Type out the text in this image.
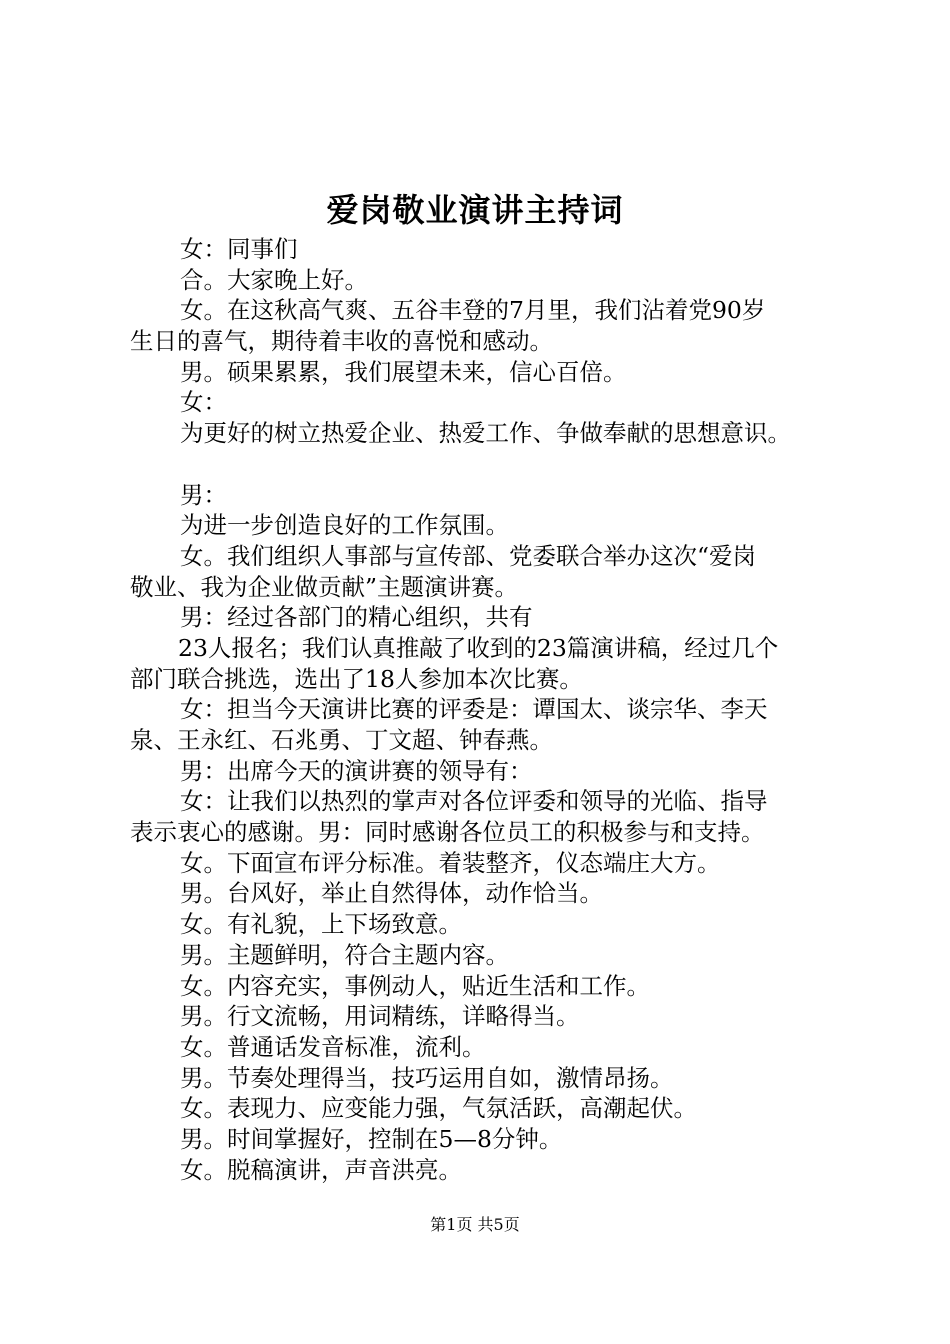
爱岗敬业演讲主持词
女：同事们
合。大家晚上好。
女。在这秋高气爽、五谷丰登的7月里，我们沾着党90岁
生日的喜气，期待着丰收的喜悦和感动。
男。硕果累累，我们展望未来，信心百倍。
女：
为更好的树立热爱企业、热爱工作、争做奉献的思想意识。
男：
为进一步创造良好的工作氛围。
女。我们组织人事部与宣传部、党委联合举办这次“爱岗
敬业、我为企业做贡献”主题演讲赛。
男：经过各部门的精心组织，共有
23人报名；我们认真推敲了收到的23篇演讲稿，经过几个
部门联合挑选，选出了18人参加本次比赛。
女：担当今天演讲比赛的评委是：谭国太、谈宗华、李天
泉、王永红、石兆勇、丁文超、钟春燕。
男：出席今天的演讲赛的领导有：
女：让我们以热烈的掌声对各位评委和领导的光临、指导
表示衷心的感谢。男：同时感谢各位员工的积极参与和支持。
女。下面宣布评分标准。着装整齐，仪态端庄大方。
男。台风好，举止自然得体，动作恰当。
女。有礼貌，上下场致意。
男。主题鲜明，符合主题内容。
女。内容充实，事例动人，贴近生活和工作。
男。行文流畅，用词精练，详略得当。
女。普通话发音标准，流利。
男。节奏处理得当，技巧运用自如，激情昂扬。
女。表现力、应变能力强，气氛活跃，高潮起伏。
男。时间掌握好，控制在5—8分钟。
女。脱稿演讲，声音洪亮。
第1页 共5页
